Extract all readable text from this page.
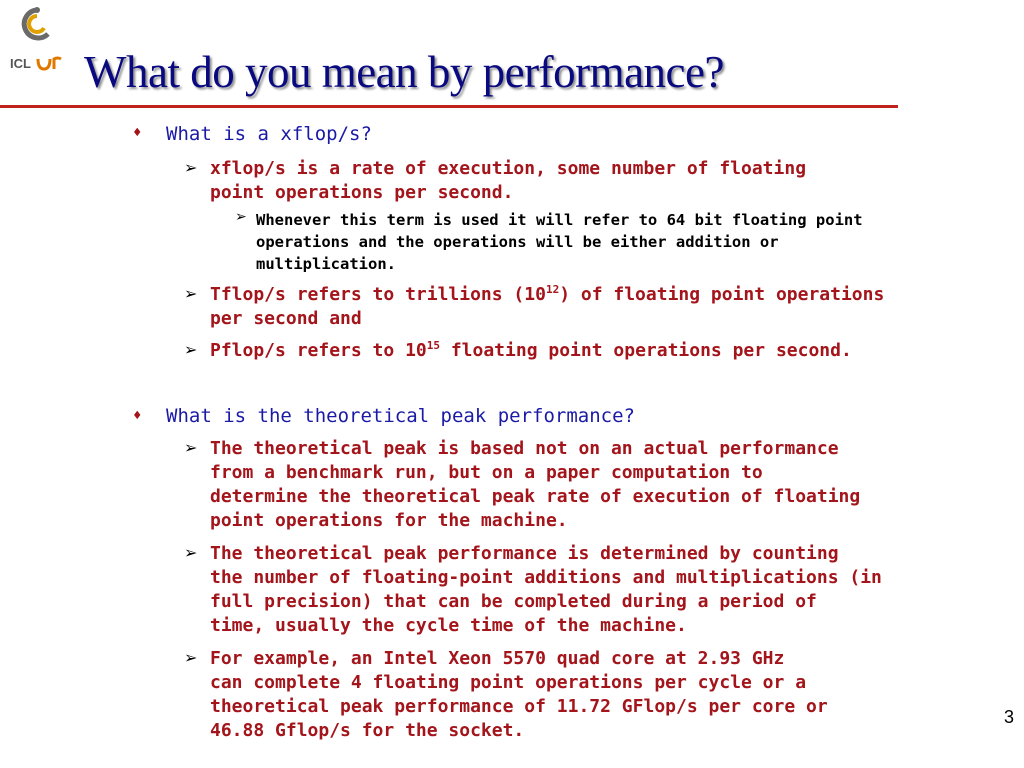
ICL What do you mean by performance?
♦ What is a xflop/s?
➢ xflop/s is a rate of execution, some number of floating
point operations per second.
➢ Whenever this term is used it will refer to 64 bit floating point
operations and the operations will be either addition or
multiplication.
➢ Tflop/s refers to trillions $(10^{12})$ of floating point operations
per second and
➢ Pflop/s refers to $10^{15}$ floating point operations per second.
♦ What is the theoretical peak performance?
➢ The theoretical peak is based not on an actual performance
from a benchmark run, but on a paper computation to
determine the theoretical peak rate of execution of floating
point operations for the machine.
➢ The theoretical peak performance is determined by counting
the number of floating-point additions and multiplications (in
full precision) that can be completed during a period of
time, usually the cycle time of the machine.
➢ For example, an Intel Xeon 5570 quad core at 2.93 GHz
can complete 4 floating point operations per cycle or a
theoretical peak performance of 11.72 GFlop/s per core or
46.88 Gflop/s for the socket.
3
